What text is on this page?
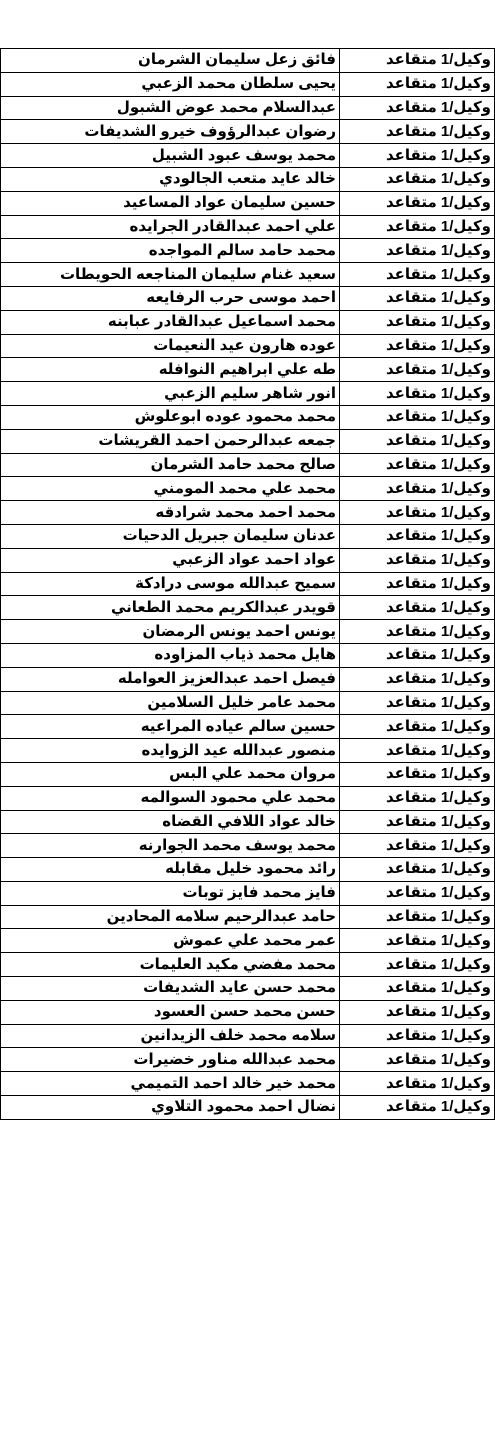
وكيل/1 متقاعد	فائق زعل سليمان الشرمان
وكيل/1 متقاعد	يحيى سلطان محمد الزعبي
وكيل/1 متقاعد	عبدالسلام محمد عوض الشبول
وكيل/1 متقاعد	رضوان عبدالرؤوف خيرو الشديفات
وكيل/1 متقاعد	محمد يوسف عبود الشبيل
وكيل/1 متقاعد	خالد عايد متعب الجالودي
وكيل/1 متقاعد	حسين سليمان عواد المساعيد
وكيل/1 متقاعد	علي احمد عبدالقادر الجرايده
وكيل/1 متقاعد	محمد حامد سالم المواجده
وكيل/1 متقاعد	سعيد غنام سليمان المناجعه الحويطات
وكيل/1 متقاعد	احمد موسى حرب الرفايعه
وكيل/1 متقاعد	محمد اسماعيل عبدالقادر عبابنه
وكيل/1 متقاعد	عوده هارون عيد النعيمات
وكيل/1 متقاعد	طه علي ابراهيم النوافله
وكيل/1 متقاعد	انور شاهر سليم الزعبي
وكيل/1 متقاعد	محمد محمود عوده ابوعلوش
وكيل/1 متقاعد	جمعه عبدالرحمن احمد القريشات
وكيل/1 متقاعد	صالح محمد حامد الشرمان
وكيل/1 متقاعد	محمد علي محمد المومني
وكيل/1 متقاعد	محمد احمد محمد شرادقه
وكيل/1 متقاعد	عدنان سليمان جبريل الدحيات
وكيل/1 متقاعد	عواد احمد عواد الزعبي
وكيل/1 متقاعد	سميح عبدالله موسى درادكة
وكيل/1 متقاعد	قويدر عبدالكريم محمد الطعاني
وكيل/1 متقاعد	يونس احمد يونس الرمضان
وكيل/1 متقاعد	هايل محمد ذياب المزاوده
وكيل/1 متقاعد	فيصل احمد عبدالعزيز العوامله
وكيل/1 متقاعد	محمد عامر خليل السلامين
وكيل/1 متقاعد	حسين سالم عياده المراعيه
وكيل/1 متقاعد	منصور عبدالله عيد الزوايده
وكيل/1 متقاعد	مروان محمد علي البس
وكيل/1 متقاعد	محمد علي محمود السوالمه
وكيل/1 متقاعد	خالد عواد اللافي القضاه
وكيل/1 متقاعد	محمد يوسف محمد الجوارنه
وكيل/1 متقاعد	رائد محمود خليل مقابله
وكيل/1 متقاعد	فايز محمد فايز توبات
وكيل/1 متقاعد	حامد عبدالرحيم سلامه المحادين
وكيل/1 متقاعد	عمر محمد علي عموش
وكيل/1 متقاعد	محمد مفضي مكيد العليمات
وكيل/1 متقاعد	محمد حسن عايد الشديفات
وكيل/1 متقاعد	حسن محمد حسن العسود
وكيل/1 متقاعد	سلامه محمد خلف الزيدانين
وكيل/1 متقاعد	محمد عبدالله مناور خضيرات
وكيل/1 متقاعد	محمد خير خالد احمد التميمي
وكيل/1 متقاعد	نضال احمد محمود التلاوي
